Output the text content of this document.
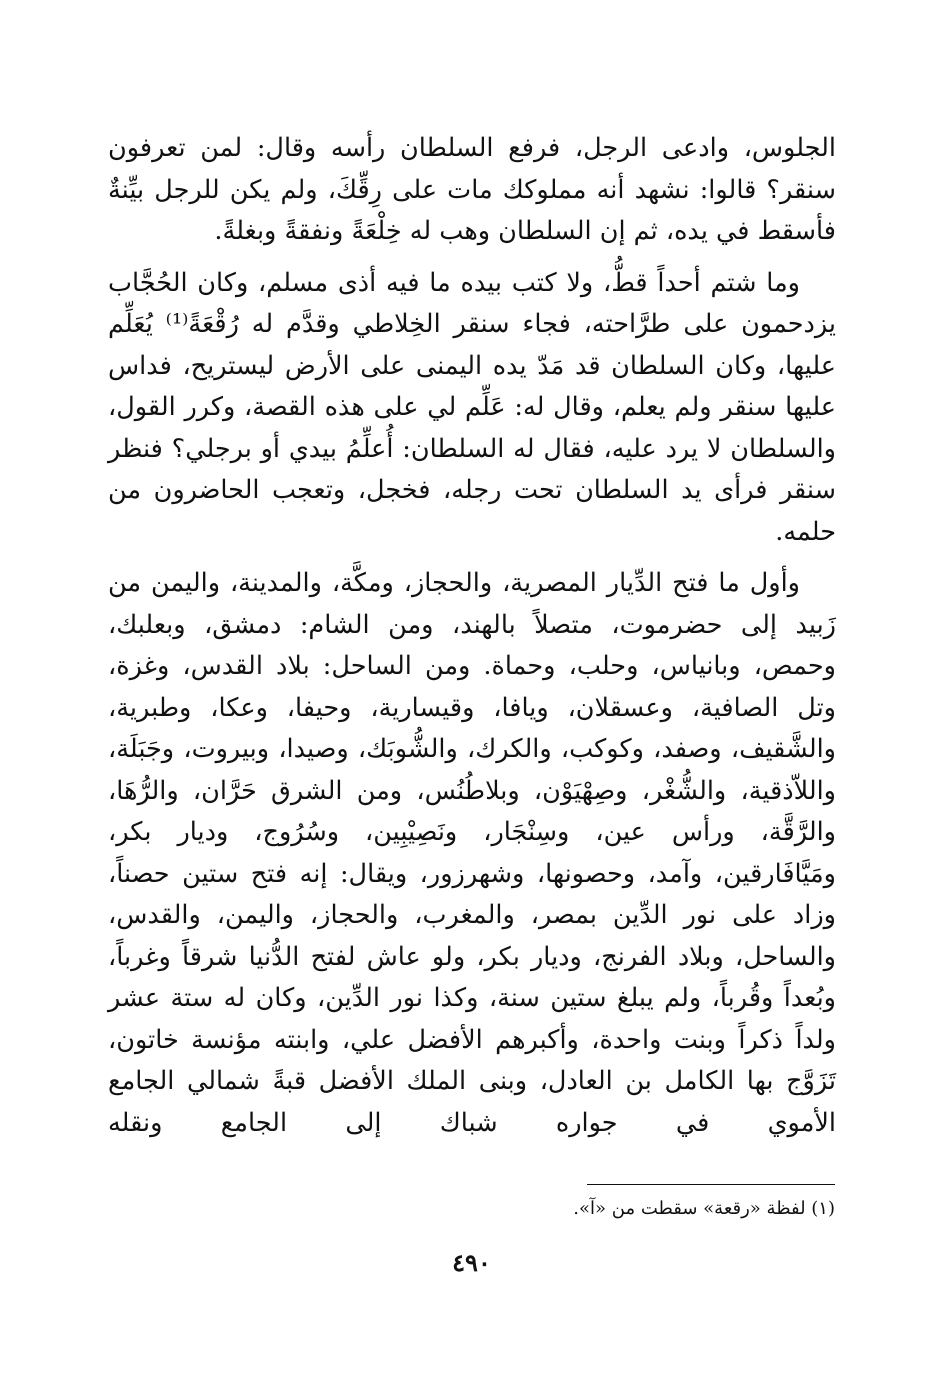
الجلوس، وادعى الرجل، فرفع السلطان رأسه وقال: لمن تعرفون سنقر؟ قالوا: نشهد أنه مملوكك مات على رِقِّكَ، ولم يكن للرجل بيِّنةٌ فأسقط في يده، ثم إن السلطان وهب له خِلْعَةً ونفقةً وبغلةً.

وما شتم أحداً قطُّ، ولا كتب بيده ما فيه أذى مسلم، وكان الحُجَّاب يزدحمون على طرَّاحته، فجاء سنقر الخِلاطي وقدَّم له رُقْعَةً⁽¹⁾ يُعَلِّم عليها، وكان السلطان قد مَدّ يده اليمنى على الأرض ليستريح، فداس عليها سنقر ولم يعلم، وقال له: عَلِّم لي على هذه القصة، وكرر القول، والسلطان لا يرد عليه، فقال له السلطان: أُعلِّمُ بيدي أو برجلي؟ فنظر سنقر فرأى يد السلطان تحت رجله، فخجل، وتعجب الحاضرون من حلمه.

وأول ما فتح الدِّيار المصرية، والحجاز، ومكَّة، والمدينة، واليمن من زَبيد إلى حضرموت، متصلاً بالهند، ومن الشام: دمشق، وبعلبك، وحمص، وبانياس، وحلب، وحماة. ومن الساحل: بلاد القدس، وغزة، وتل الصافية، وعسقلان، ويافا، وقيسارية، وحيفا، وعكا، وطبرية، والشَّقيف، وصفد، وكوكب، والكرك، والشُّوبَك، وصيدا، وبيروت، وجَبَلَة، واللاّذقية، والشُّغْر، وصِهْيَوْن، وبلاطُنُس، ومن الشرق حَرَّان، والرُّهَا، والرَّقَّة، ورأس عين، وسِنْجَار، ونَصِيْبِين، وسُرُوج، وديار بكر، ومَيَّافَارقين، وآمد، وحصونها، وشهرزور، ويقال: إنه فتح ستين حصناً، وزاد على نور الدِّين بمصر، والمغرب، والحجاز، واليمن، والقدس، والساحل، وبلاد الفرنج، وديار بكر، ولو عاش لفتح الدُّنيا شرقاً وغرباً، وبُعداً وقُرباً، ولم يبلغ ستين سنة، وكذا نور الدِّين، وكان له ستة عشر ولداً ذكراً وبنت واحدة، وأكبرهم الأفضل علي، وابنته مؤنسة خاتون، تَزَوَّج بها الكامل بن العادل، وبنى الملك الأفضل قبةً شمالي الجامع الأموي في جواره شباك إلى الجامع ونقله

(١) لفظة «رقعة» سقطت من «آ».
٤٩٠
